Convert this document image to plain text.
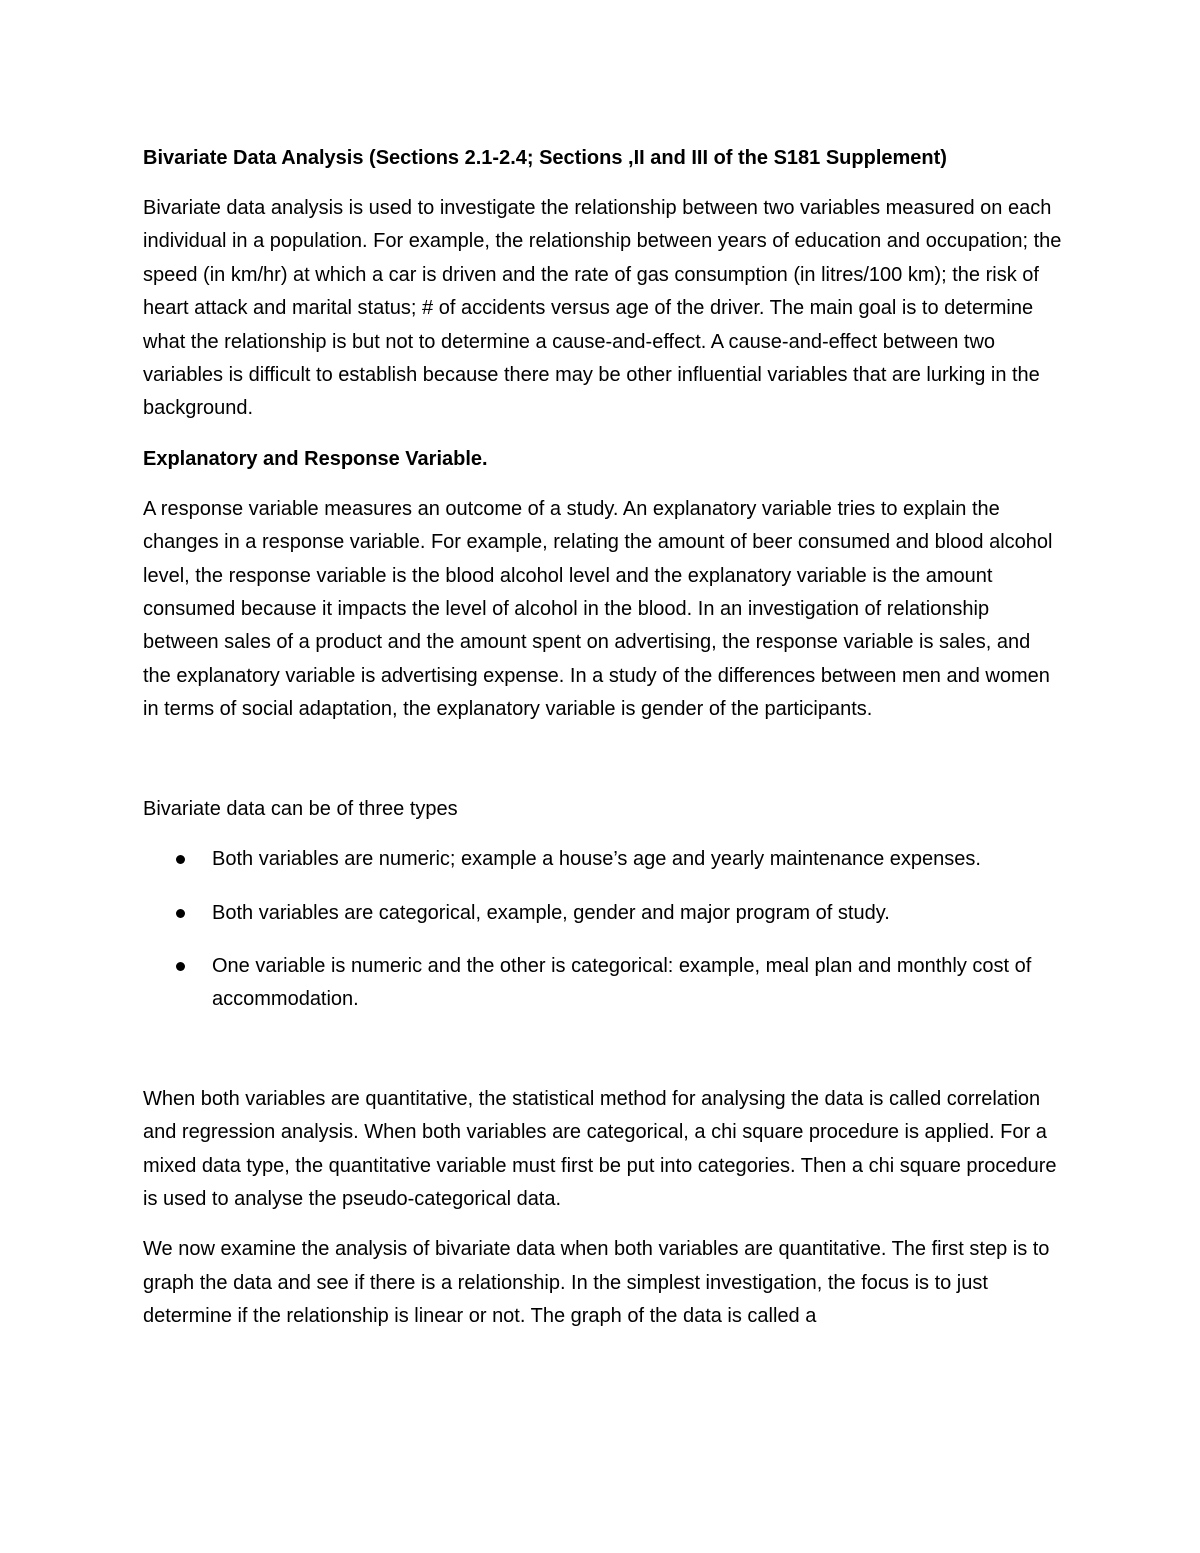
Bivariate Data Analysis (Sections 2.1-2.4; Sections ,II and III of the S181 Supplement)

Bivariate data analysis is used to investigate the relationship between two variables measured on each individual in a population. For example, the relationship between years of education and occupation; the speed (in km/hr) at which a car is driven and the rate of gas consumption (in litres/100 km); the risk of heart attack and marital status; # of accidents versus age of the driver. The main goal is to determine what the relationship is but not to determine a cause-and-effect. A cause-and-effect between two variables is difficult to establish because there may be other influential variables that are lurking in the background.

Explanatory and Response Variable.

A response variable measures an outcome of a study. An explanatory variable tries to explain the changes in a response variable. For example, relating the amount of beer consumed and blood alcohol level, the response variable is the blood alcohol level and the explanatory variable is the amount consumed because it impacts the level of alcohol in the blood. In an investigation of relationship between sales of a product and the amount spent on advertising, the response variable is sales, and the explanatory variable is advertising expense. In a study of the differences between men and women in terms of social adaptation, the explanatory variable is gender of the participants.

Bivariate data can be of three types

Both variables are numeric; example a house’s age and yearly maintenance expenses.
Both variables are categorical, example, gender and major program of study.
One variable is numeric and the other is categorical: example, meal plan and monthly cost of accommodation.

When both variables are quantitative, the statistical method for analysing the data is called correlation and regression analysis. When both variables are categorical, a chi square procedure is applied. For a mixed data type, the quantitative variable must first be put into categories. Then a chi square procedure is used to analyse the pseudo-categorical data.

We now examine the analysis of bivariate data when both variables are quantitative. The first step is to graph the data and see if there is a relationship. In the simplest investigation, the focus is to just determine if the relationship is linear or not. The graph of the data is called a
